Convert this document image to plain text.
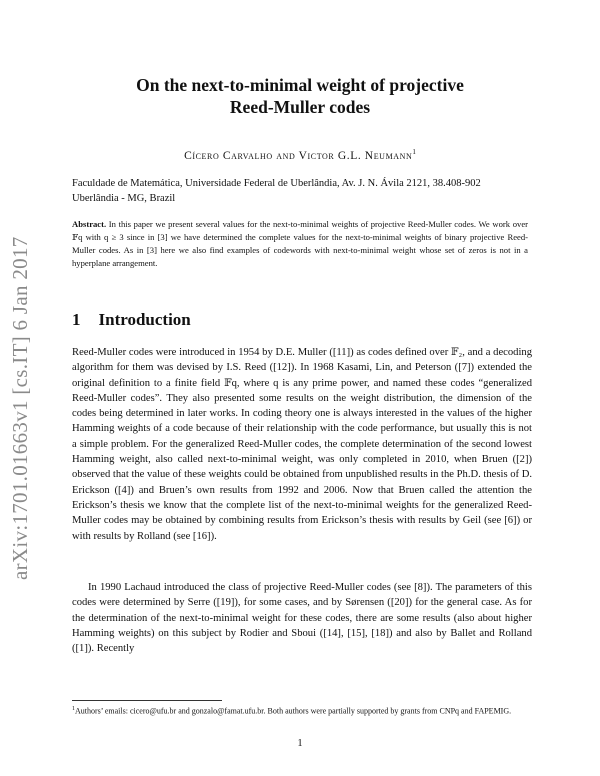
arXiv:1701.01663v1 [cs.IT] 6 Jan 2017
On the next-to-minimal weight of projective
Reed-Muller codes
Cícero Carvalho and Victor G.L. Neumann$^1$
Faculdade de Matemática, Universidade Federal de Uberlândia, Av. J. N. Ávila 2121, 38.408-902
Uberlândia - MG, Brazil
Abstract. In this paper we present several values for the next-to-minimal weights of projective Reed-Muller codes. We work over 𝔽q with q ≥ 3 since in [3] we have determined the complete values for the next-to-minimal weights of binary projective Reed-Muller codes. As in [3] here we also find examples of codewords with next-to-minimal weight whose set of zeros is not in a hyperplane arrangement.
1 Introduction
Reed-Muller codes were introduced in 1954 by D.E. Muller ([11]) as codes defined over 𝔽₂, and a decoding algorithm for them was devised by I.S. Reed ([12]). In 1968 Kasami, Lin, and Peterson ([7]) extended the original definition to a finite field 𝔽q, where q is any prime power, and named these codes “generalized Reed-Muller codes”. They also presented some results on the weight distribution, the dimension of the codes being determined in later works. In coding theory one is always interested in the values of the higher Hamming weights of a code because of their relationship with the code performance, but usually this is not a simple problem. For the generalized Reed-Muller codes, the complete determination of the second lowest Hamming weight, also called next-to-minimal weight, was only completed in 2010, when Bruen ([2]) observed that the value of these weights could be obtained from unpublished results in the Ph.D. thesis of D. Erickson ([4]) and Bruen’s own results from 1992 and 2006. Now that Bruen called the attention the Erickson’s thesis we know that the complete list of the next-to-minimal weights for the generalized Reed-Muller codes may be obtained by combining results from Erickson’s thesis with results by Geil (see [6]) or with results by Rolland (see [16]).
In 1990 Lachaud introduced the class of projective Reed-Muller codes (see [8]). The parameters of this codes were determined by Serre ([19]), for some cases, and by Sørensen ([20]) for the general case. As for the determination of the next-to-minimal weight for these codes, there are some results (also about higher Hamming weights) on this subject by Rodier and Sboui ([14], [15], [18]) and also by Ballet and Rolland ([1]). Recently
$^1$Authors’ emails: cicero@ufu.br and gonzalo@famat.ufu.br. Both authors were partially supported by grants from CNPq and FAPEMIG.
1
